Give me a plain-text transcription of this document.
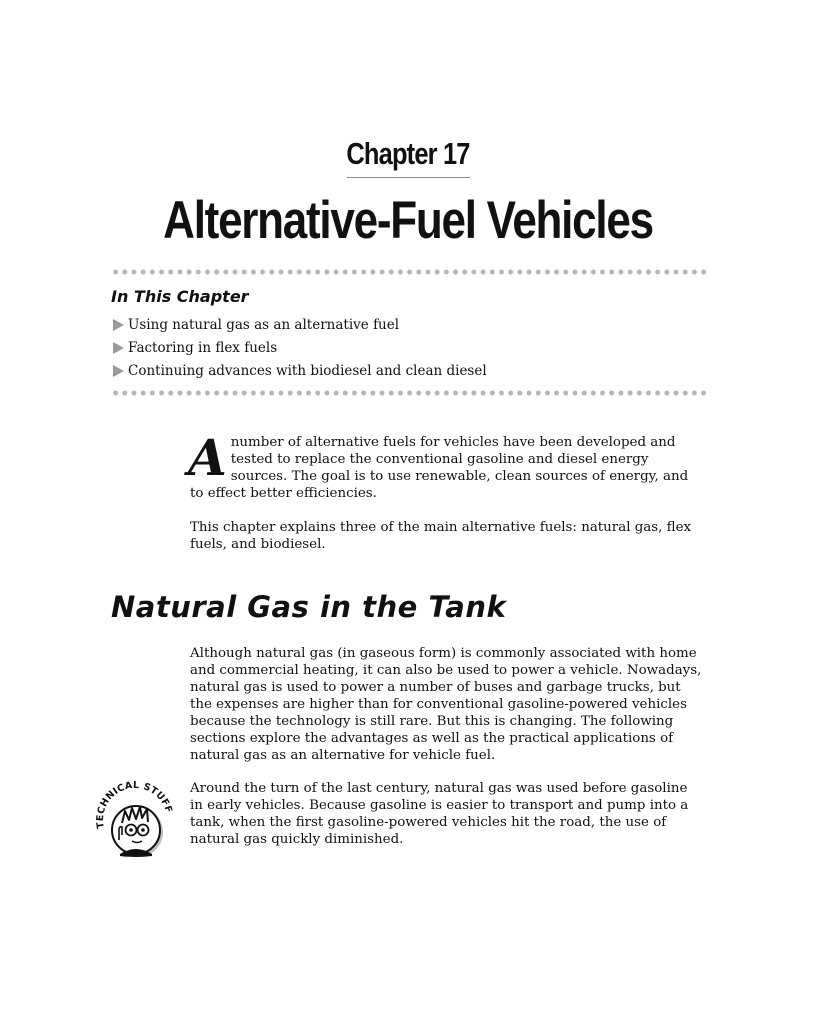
Chapter 17
Alternative-Fuel Vehicles
In This Chapter
Using natural gas as an alternative fuel
Factoring in flex fuels
Continuing advances with biodiesel and clean diesel

A number of alternative fuels for vehicles have been developed and tested to replace the conventional gasoline and diesel energy sources. The goal is to use renewable, clean sources of energy, and to effect better efficiencies.

This chapter explains three of the main alternative fuels: natural gas, flex fuels, and biodiesel.

Natural Gas in the Tank

Although natural gas (in gaseous form) is commonly associated with home and commercial heating, it can also be used to power a vehicle. Nowadays, natural gas is used to power a number of buses and garbage trucks, but the expenses are higher than for conventional gasoline-powered vehicles because the technology is still rare. But this is changing. The following sections explore the advantages as well as the practical applications of natural gas as an alternative for vehicle fuel.

TECHNICAL STUFF

Around the turn of the last century, natural gas was used before gasoline in early vehicles. Because gasoline is easier to transport and pump into a tank, when the first gasoline-powered vehicles hit the road, the use of natural gas quickly diminished.
